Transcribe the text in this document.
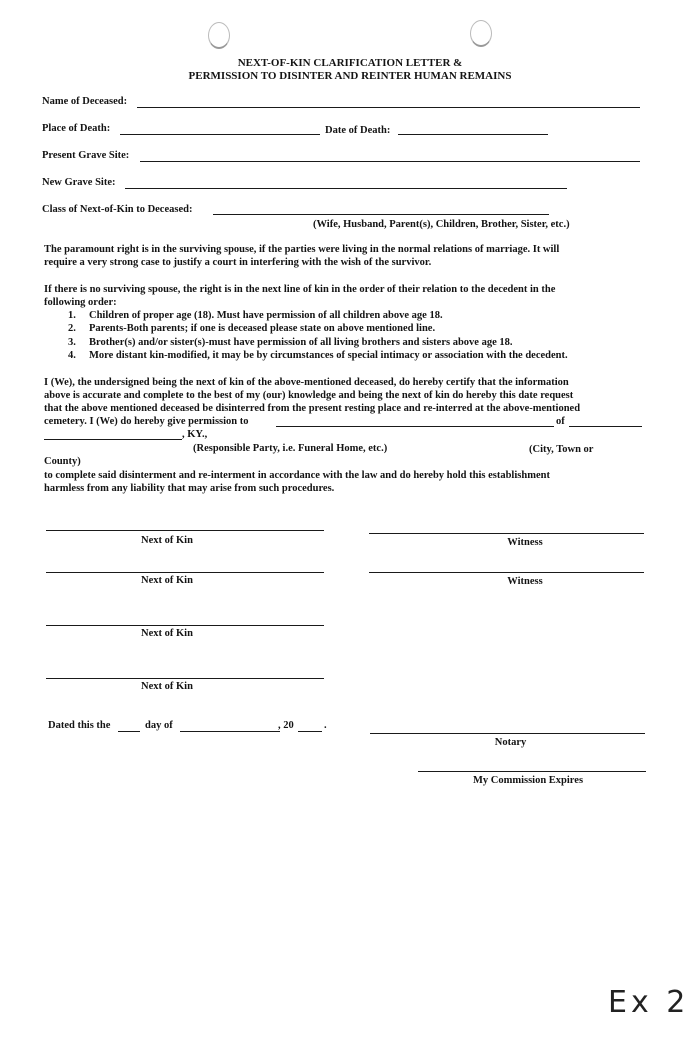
NEXT-OF-KIN CLARIFICATION LETTER &
PERMISSION TO DISINTER AND REINTER HUMAN REMAINS
Name of Deceased:
Place of Death:	Date of Death:
Present Grave Site:
New Grave Site:
Class of Next-of-Kin to Deceased:
(Wife, Husband, Parent(s), Children, Brother, Sister, etc.)
The paramount right is in the surviving spouse, if the parties were living in the normal relations of marriage. It will
require a very strong case to justify a court in interfering with the wish of the survivor.
If there is no surviving spouse, the right is in the next line of kin in the order of their relation to the decedent in the
following order:
1. Children of proper age (18). Must have permission of all children above age 18.
2. Parents-Both parents; if one is deceased please state on above mentioned line.
3. Brother(s) and/or sister(s)-must have permission of all living brothers and sisters above age 18.
4. More distant kin-modified, it may be by circumstances of special intimacy or association with the decedent.
I (We), the undersigned being the next of kin of the above-mentioned deceased, do hereby certify that the information
above is accurate and complete to the best of my (our) knowledge and being the next of kin do hereby this date request
that the above mentioned deceased be disinterred from the present resting place and re-interred at the above-mentioned
cemetery. I (We) do hereby give permission to	of
, KY.,
(Responsible Party, i.e. Funeral Home, etc.)	(City, Town or
County)
to complete said disinterment and re-interment in accordance with the law and do hereby hold this establishment
harmless from any liability that may arise from such procedures.
Next of Kin
Next of Kin
Next of Kin
Next of Kin
Witness
Witness
Dated this the	day of	, 20	.
Notary
My Commission Expires
Ex 2
